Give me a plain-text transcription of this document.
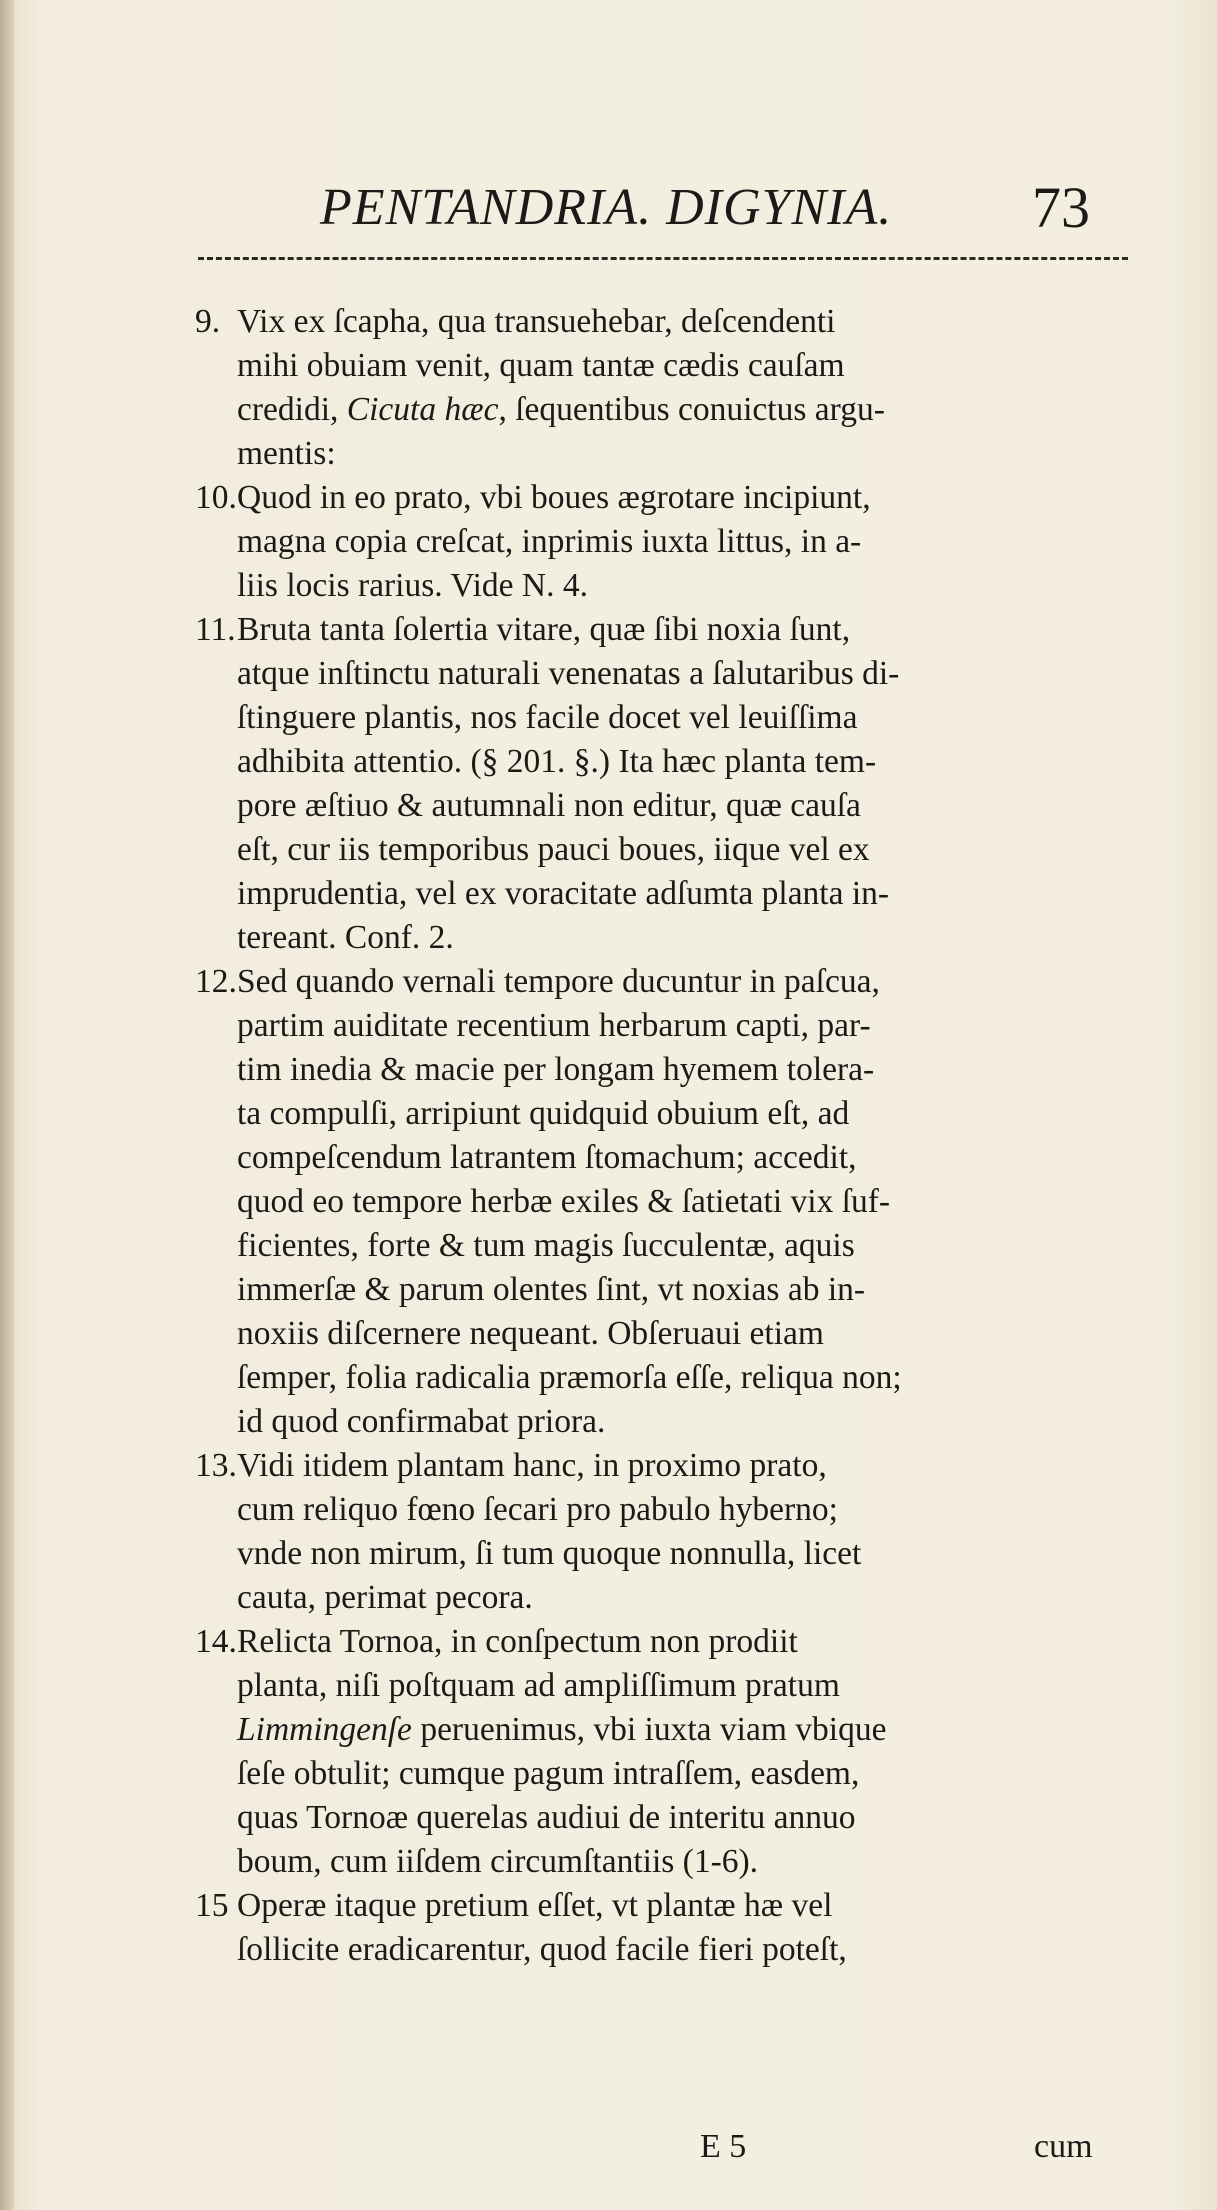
PENTANDRIA. DIGYNIA. 73
9. Vix ex ſcapha, qua transuehebar, deſcendenti
mihi obuiam venit, quam tantæ cædis cauſam
credidi, Cicuta hæc, ſequentibus conuictus argu-
mentis:
10.Quod in eo prato, vbi boues ægrotare incipiunt,
magna copia creſcat, inprimis iuxta littus, in a-
liis locis rarius. Vide N. 4.
11.Bruta tanta ſolertia vitare, quæ ſibi noxia ſunt,
atque inſtinctu naturali venenatas a ſalutaribus di-
ſtinguere plantis, nos facile docet vel leuiſſima
adhibita attentio. (§ 201. §.) Ita hæc planta tem-
pore æſtiuo & autumnali non editur, quæ cauſa
eſt, cur iis temporibus pauci boues, iique vel ex
imprudentia, vel ex voracitate adſumta planta in-
tereant. Conf. 2.
12.Sed quando vernali tempore ducuntur in paſcua,
partim auiditate recentium herbarum capti, par-
tim inedia & macie per longam hyemem tolera-
ta compulſi, arripiunt quidquid obuium eſt, ad
compeſcendum latrantem ſtomachum; accedit,
quod eo tempore herbæ exiles & ſatietati vix ſuf-
ficientes, forte & tum magis ſucculentæ, aquis
immerſæ & parum olentes ſint, vt noxias ab in-
noxiis diſcernere nequeant. Obſeruaui etiam
ſemper, folia radicalia præmorſa eſſe, reliqua non;
id quod confirmabat priora.
13.Vidi itidem plantam hanc, in proximo prato,
cum reliquo fœno ſecari pro pabulo hyberno;
vnde non mirum, ſi tum quoque nonnulla, licet
cauta, perimat pecora.
14.Relicta Tornoa, in conſpectum non prodiit
planta, niſi poſtquam ad ampliſſimum pratum
Limmingenſe peruenimus, vbi iuxta viam vbique
ſeſe obtulit; cumque pagum intraſſem, easdem,
quas Tornoæ querelas audiui de interitu annuo
boum, cum iiſdem circumſtantiis (1-6).
15 Operæ itaque pretium eſſet, vt plantæ hæ vel
ſollicite eradicarentur, quod facile fieri poteſt,
E 5	cum
